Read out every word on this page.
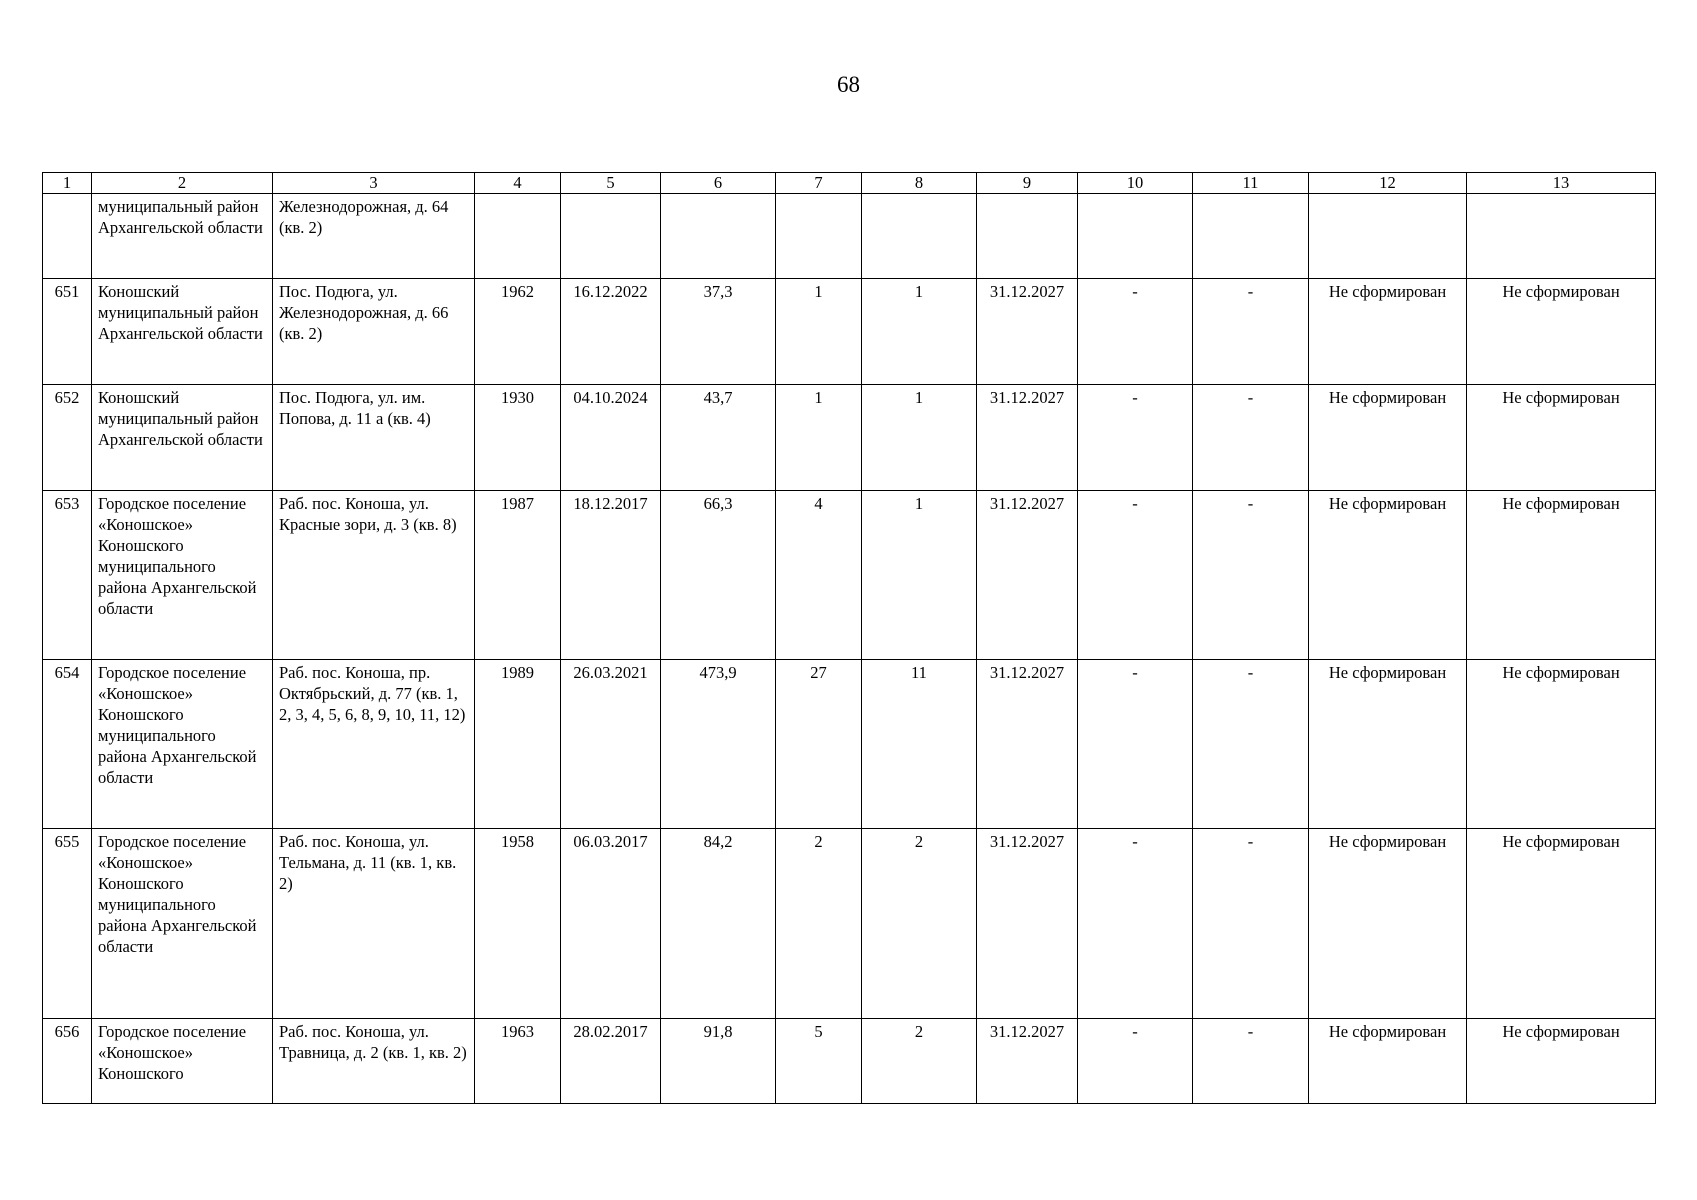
68
1	2	3	4	5	6	7	8	9	10	11	12	13
	муниципальный район Архангельской области	Железнодорожная, д. 64 (кв. 2)										
651	Коношский муниципальный район Архангельской области	Пос. Подюга, ул. Железнодорожная, д. 66 (кв. 2)	1962	16.12.2022	37,3	1	1	31.12.2027	-	-	Не сформирован	Не сформирован
652	Коношский муниципальный район Архангельской области	Пос. Подюга, ул. им. Попова, д. 11 а (кв. 4)	1930	04.10.2024	43,7	1	1	31.12.2027	-	-	Не сформирован	Не сформирован
653	Городское поселение «Коношское» Коношского муниципального района Архангельской области	Раб. пос. Коноша, ул. Красные зори, д. 3 (кв. 8)	1987	18.12.2017	66,3	4	1	31.12.2027	-	-	Не сформирован	Не сформирован
654	Городское поселение «Коношское» Коношского муниципального района Архангельской области	Раб. пос. Коноша, пр. Октябрьский, д. 77 (кв. 1, 2, 3, 4, 5, 6, 8, 9, 10, 11, 12)	1989	26.03.2021	473,9	27	11	31.12.2027	-	-	Не сформирован	Не сформирован
655	Городское поселение «Коношское» Коношского муниципального района Архангельской области	Раб. пос. Коноша, ул. Тельмана, д. 11 (кв. 1, кв. 2)	1958	06.03.2017	84,2	2	2	31.12.2027	-	-	Не сформирован	Не сформирован
656	Городское поселение «Коношское» Коношского	Раб. пос. Коноша, ул. Травница, д. 2 (кв. 1, кв. 2)	1963	28.02.2017	91,8	5	2	31.12.2027	-	-	Не сформирован	Не сформирован
